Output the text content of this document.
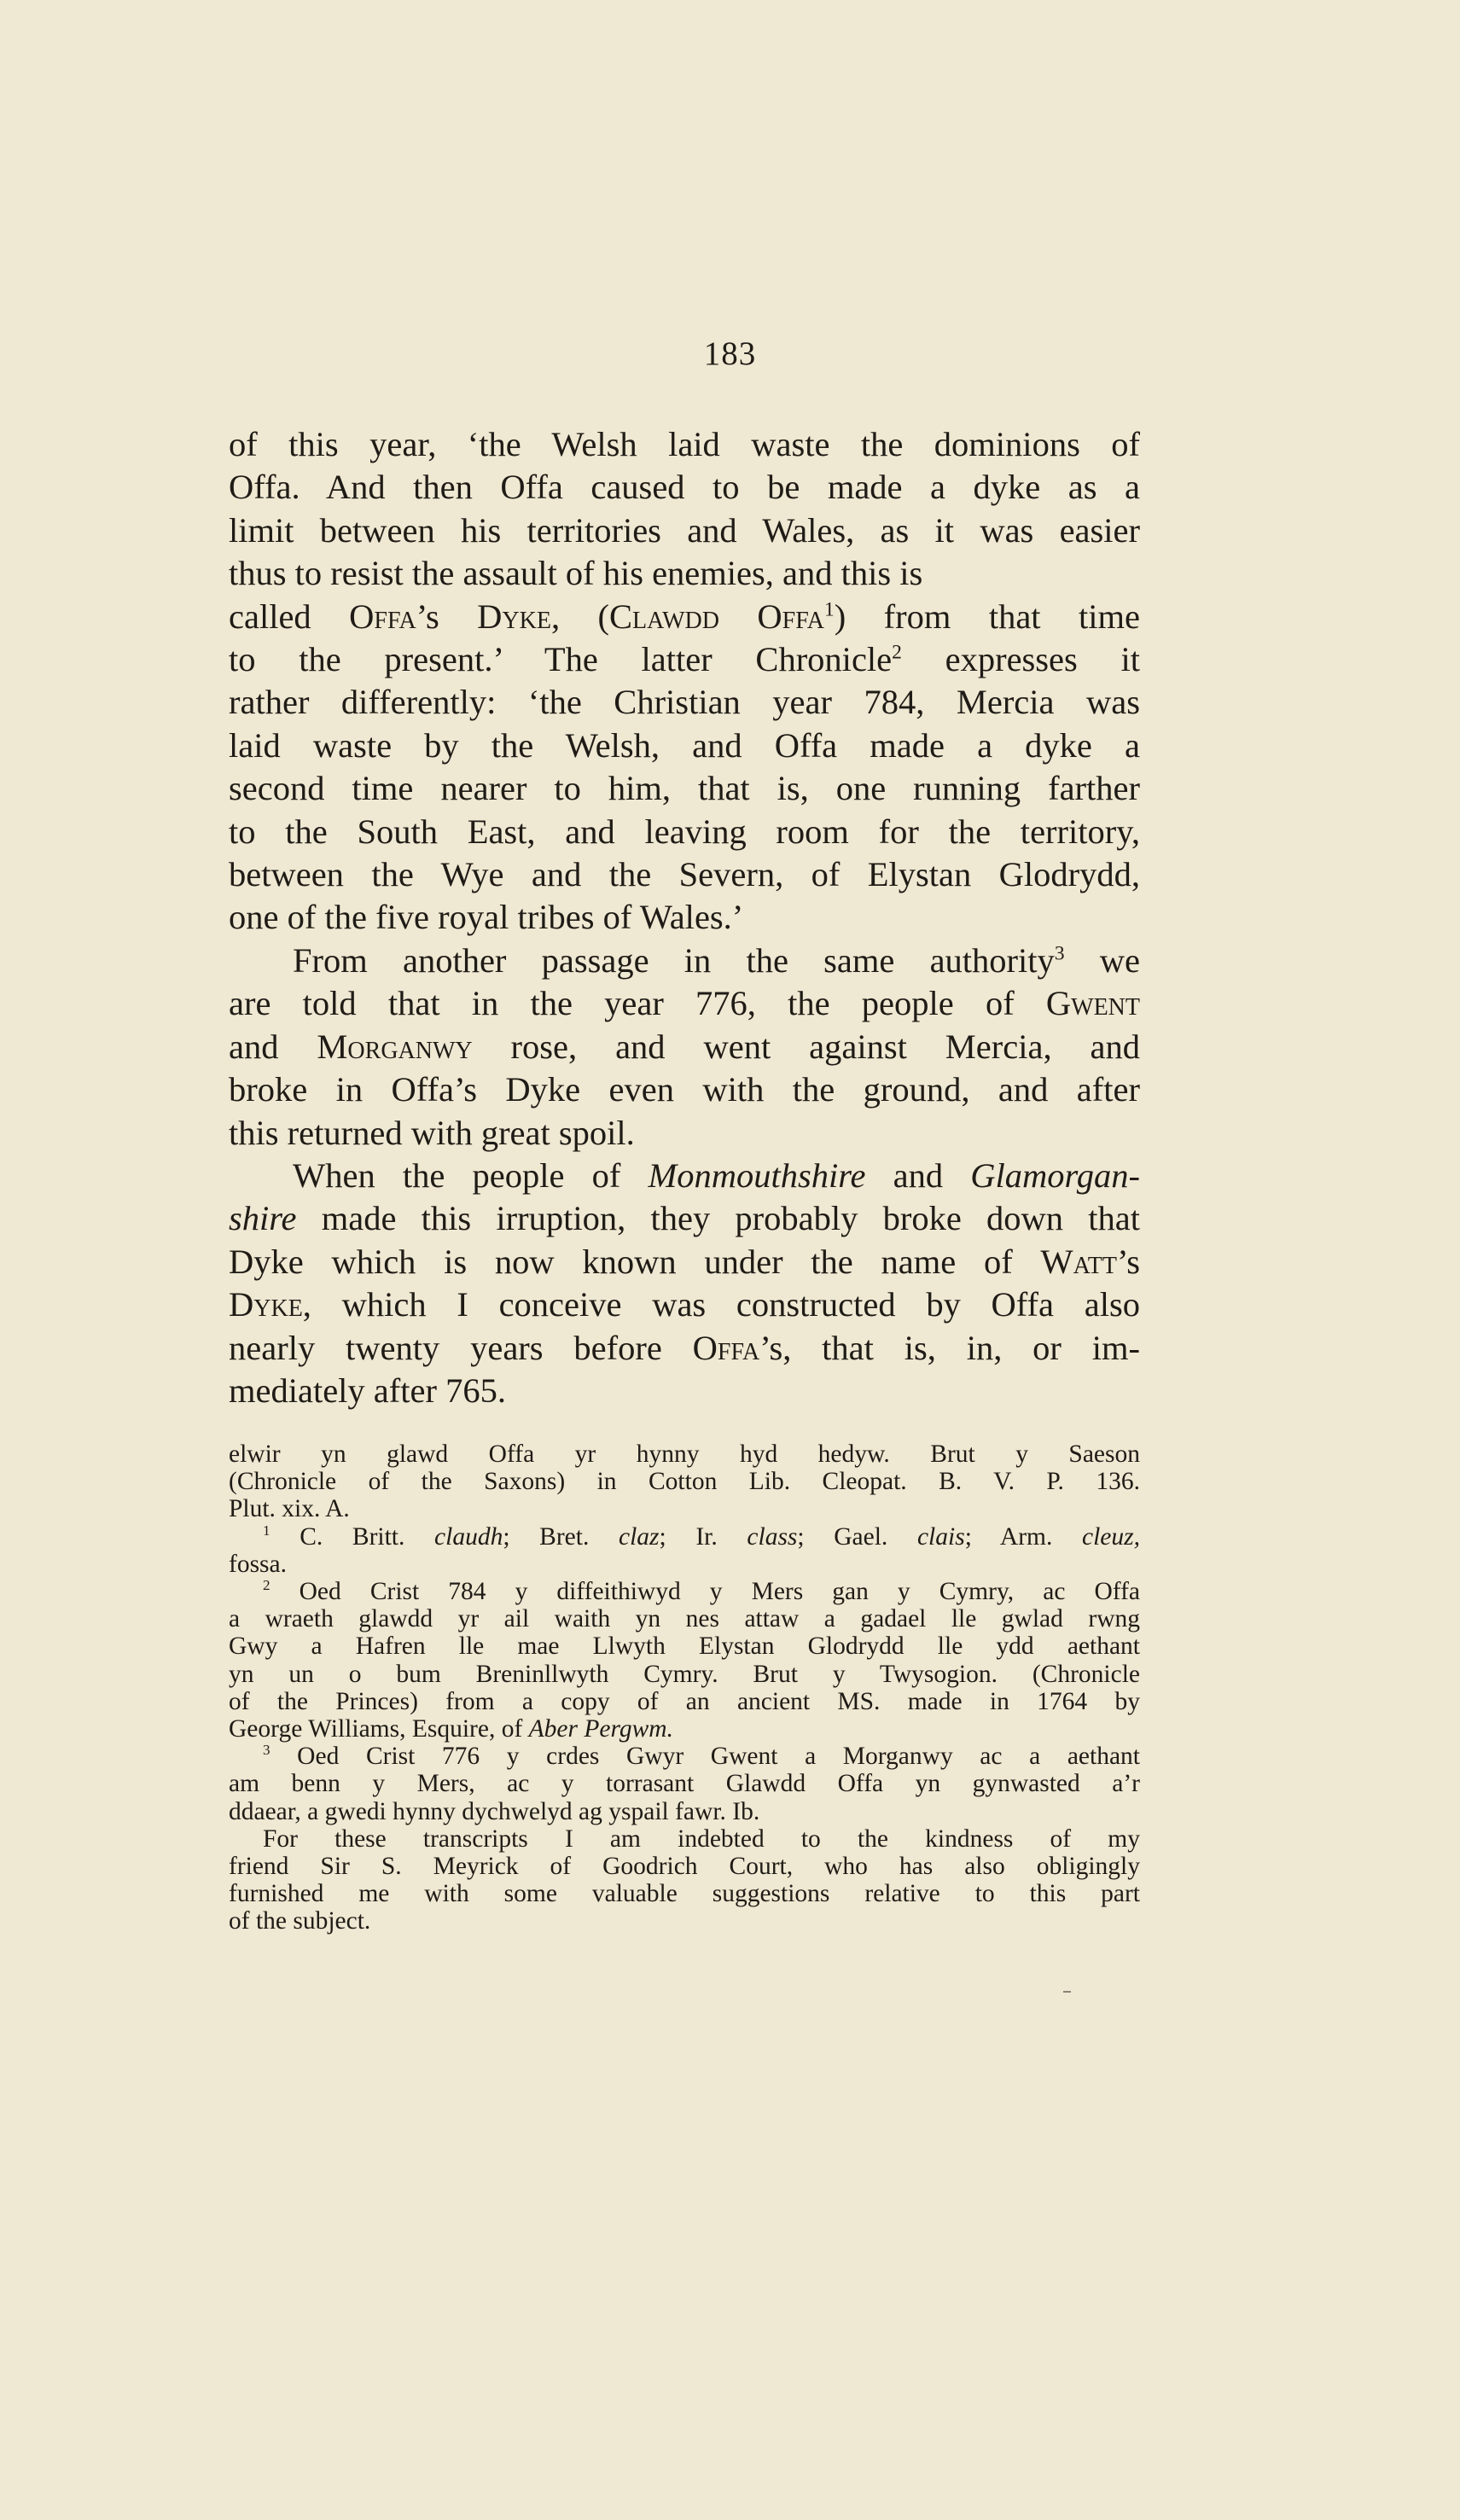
183
of this year, ‘the Welsh laid waste the dominions of
Offa. And then Offa caused to be made a dyke as a
limit between his territories and Wales, as it was easier
thus to resist the assault of his enemies, and this is
called Offa’s Dyke, (Clawdd Offa$^1$) from that time
to the present.’ The latter Chronicle$^2$ expresses it
rather differently: ‘the Christian year 784, Mercia was
laid waste by the Welsh, and Offa made a dyke a
second time nearer to him, that is, one running farther
to the South East, and leaving room for the territory,
between the Wye and the Severn, of Elystan Glodrydd,
one of the five royal tribes of Wales.’
From another passage in the same authority$^3$ we
are told that in the year 776, the people of Gwent
and Morganwy rose, and went against Mercia, and
broke in Offa’s Dyke even with the ground, and after
this returned with great spoil.
When the people of Monmouthshire and Glamorgan-
shire made this irruption, they probably broke down that
Dyke which is now known under the name of Watt’s
Dyke, which I conceive was constructed by Offa also
nearly twenty years before Offa’s, that is, in, or im-
mediately after 765.
elwir yn glawd Offa yr hynny hyd hedyw. Brut y Saeson
(Chronicle of the Saxons) in Cotton Lib. Cleopat. B. V. P. 136.
Plut. xix. A.
$^1$ C. Britt. claudh; Bret. claz; Ir. class; Gael. clais; Arm. cleuz,
fossa.
$^2$ Oed Crist 784 y diffeithiwyd y Mers gan y Cymry, ac Offa
a wraeth glawdd yr ail waith yn nes attaw a gadael lle gwlad rwng
Gwy a Hafren lle mae Llwyth Elystan Glodrydd lle ydd aethant
yn un o bum Breninllwyth Cymry. Brut y Twysogion. (Chronicle
of the Princes) from a copy of an ancient MS. made in 1764 by
George Williams, Esquire, of Aber Pergwm.
$^3$ Oed Crist 776 y crdes Gwyr Gwent a Morganwy ac a aethant
am benn y Mers, ac y torrasant Glawdd Offa yn gynwasted a’r
ddaear, a gwedi hynny dychwelyd ag yspail fawr. Ib.
For these transcripts I am indebted to the kindness of my
friend Sir S. Meyrick of Goodrich Court, who has also obligingly
furnished me with some valuable suggestions relative to this part
of the subject.
